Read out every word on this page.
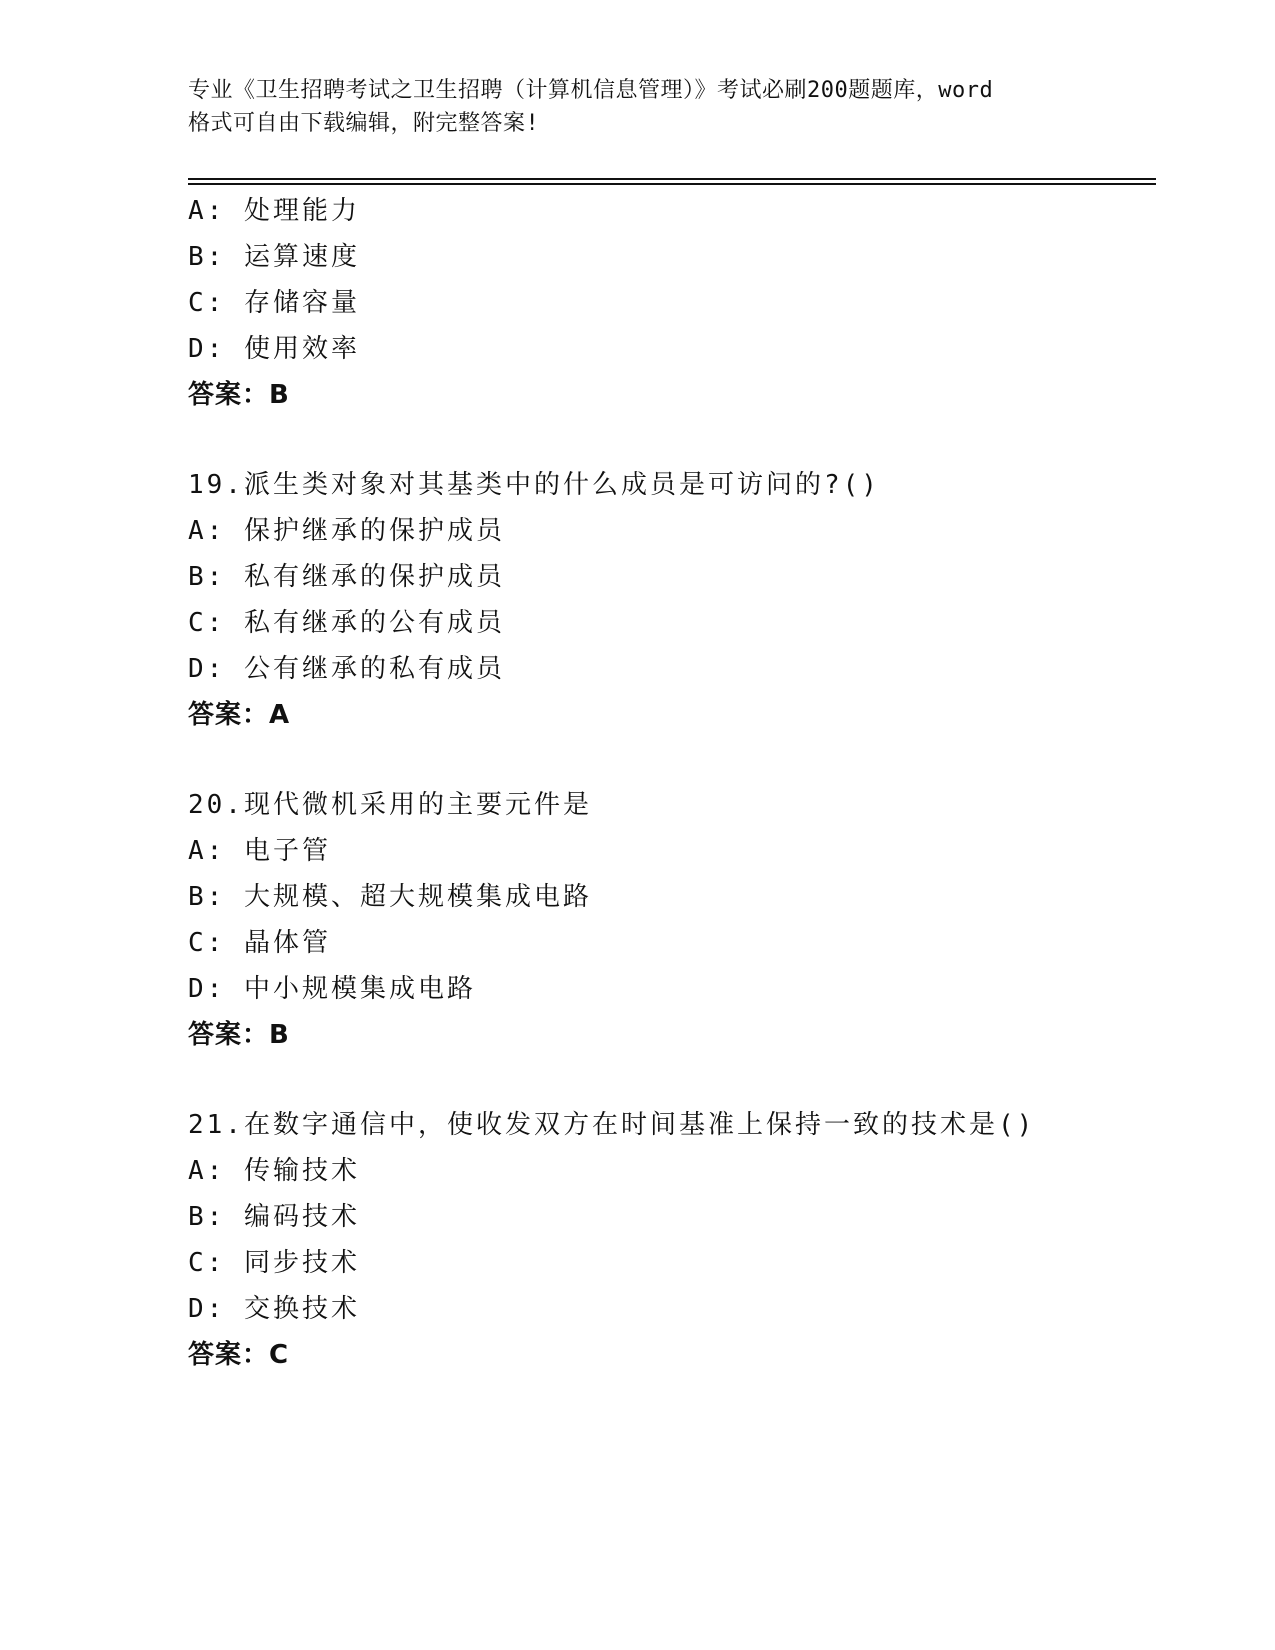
专业《卫生招聘考试之卫生招聘（计算机信息管理）》考试必刷200题题库，word
格式可自由下载编辑，附完整答案!
A: 处理能力
B: 运算速度
C: 存储容量
D: 使用效率
答案：B
19.派生类对象对其基类中的什么成员是可访问的?()
A: 保护继承的保护成员
B: 私有继承的保护成员
C: 私有继承的公有成员
D: 公有继承的私有成员
答案：A
20.现代微机采用的主要元件是
A: 电子管
B: 大规模、超大规模集成电路
C: 晶体管
D: 中小规模集成电路
答案：B
21.在数字通信中，使收发双方在时间基准上保持一致的技术是()
A: 传输技术
B: 编码技术
C: 同步技术
D: 交换技术
答案：C
